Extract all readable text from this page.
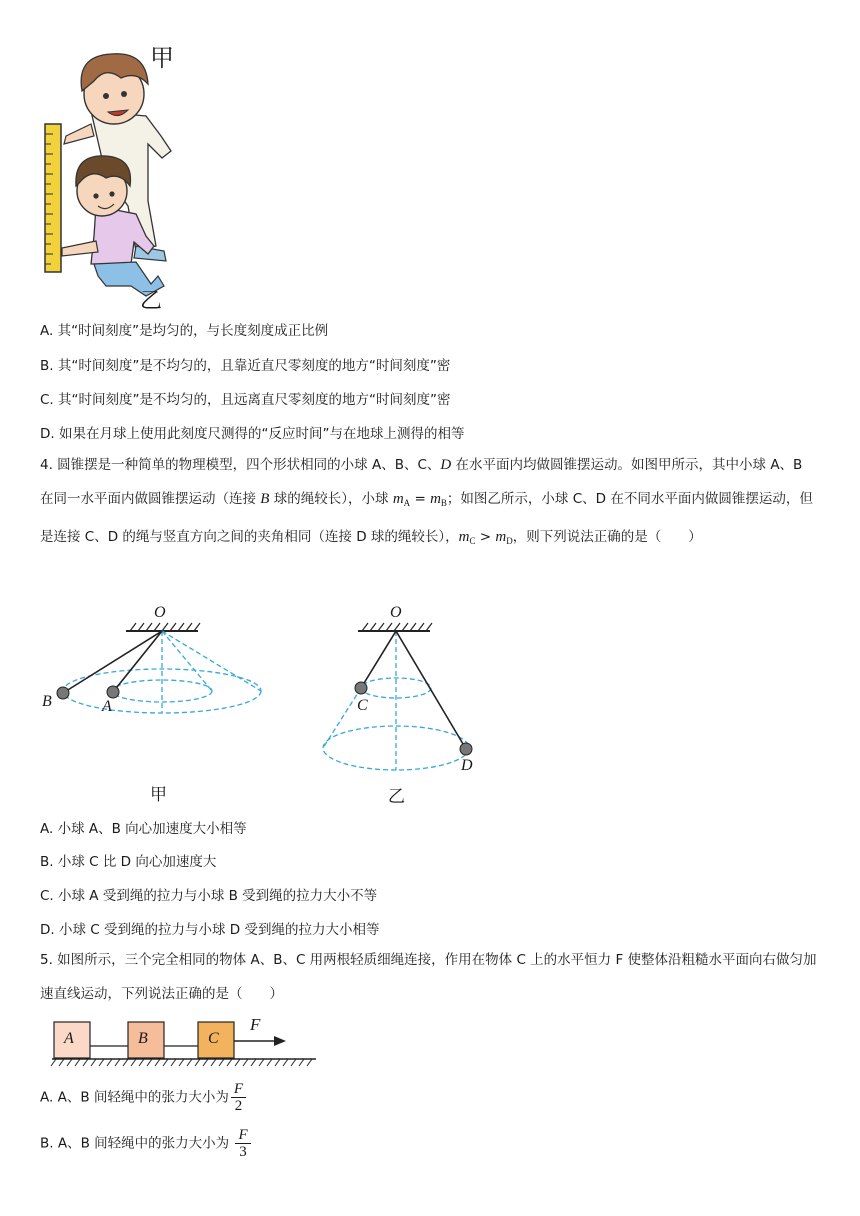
甲
乙
A. 其“时间刻度”是均匀的，与长度刻度成正比例
B. 其“时间刻度”是不均匀的，且靠近直尺零刻度的地方“时间刻度”密
C. 其“时间刻度”是不均匀的，且远离直尺零刻度的地方“时间刻度”密
D. 如果在月球上使用此刻度尺测得的“反应时间”与在地球上测得的相等
4. 圆锥摆是一种简单的物理模型，四个形状相同的小球 A、B、C、D 在水平面内均做圆锥摆运动。如图甲所示，其中小球 A、B 在同一水平面内做圆锥摆运动（连接 B 球的绳较长），小球 $m_A = m_B$；如图乙所示，小球 C、D 在不同水平面内做圆锥摆运动，但是连接 C、D 的绳与竖直方向之间的夹角相同（连接 D 球的绳较长），$m_C > m_D$，则下列说法正确的是（　　）
O
B	A
甲
O
C
D
乙
A. 小球 A、B 向心加速度大小相等
B. 小球 C 比 D 向心加速度大
C. 小球 A 受到绳的拉力与小球 B 受到绳的拉力大小不等
D. 小球 C 受到绳的拉力与小球 D 受到绳的拉力大小相等
5. 如图所示，三个完全相同的物体 A、B、C 用两根轻质细绳连接，作用在物体 C 上的水平恒力 F 使整体沿粗糙水平面向右做匀加速直线运动，下列说法正确的是（　　）
A	B	C
F
A. A、B 间轻绳中的张力大小为 $\frac{F}{2}$
B. A、B 间轻绳中的张力大小为 $\frac{F}{3}$
